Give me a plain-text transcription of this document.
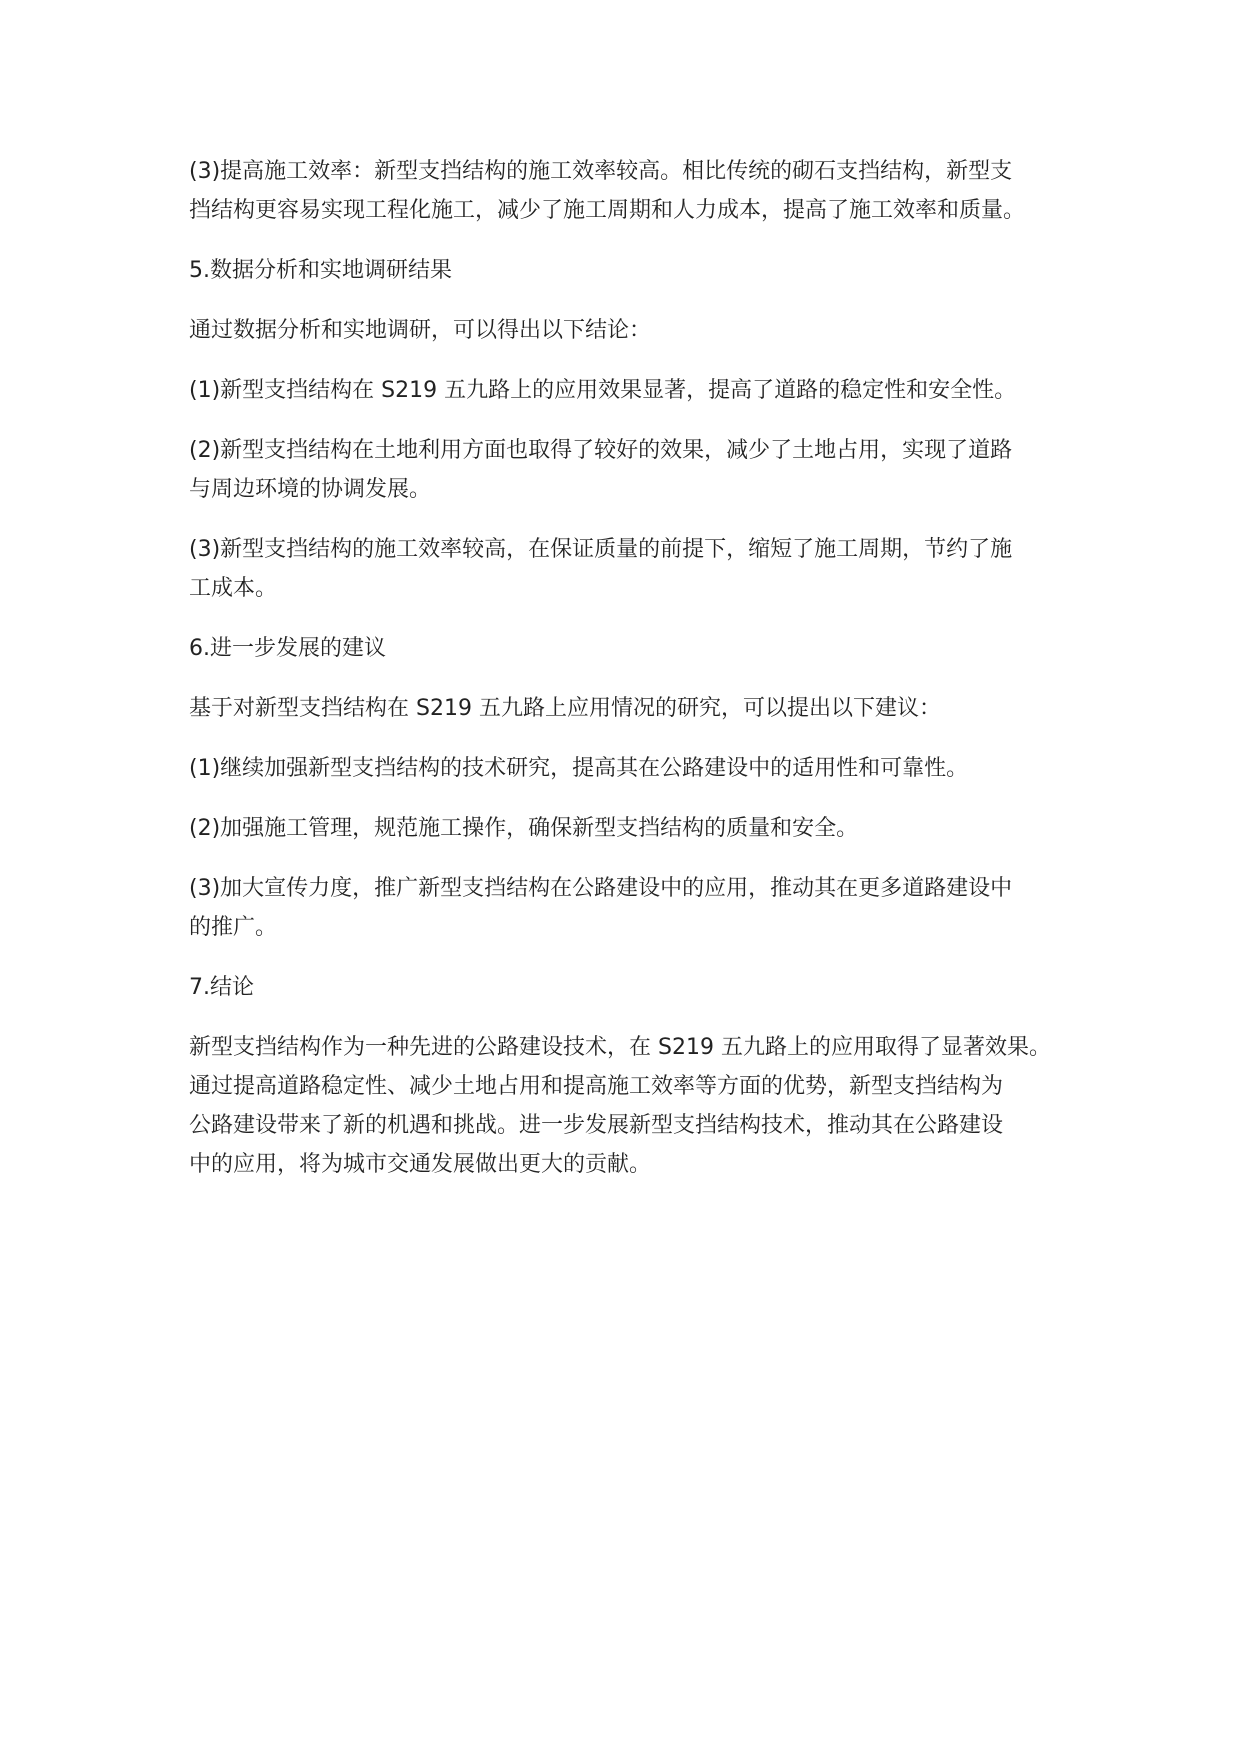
(3)提高施工效率：新型支挡结构的施工效率较高。相比传统的砌石支挡结构，新型支
挡结构更容易实现工程化施工，减少了施工周期和人力成本，提高了施工效率和质量。

5.数据分析和实地调研结果

通过数据分析和实地调研，可以得出以下结论：

(1)新型支挡结构在 S219 五九路上的应用效果显著，提高了道路的稳定性和安全性。

(2)新型支挡结构在土地利用方面也取得了较好的效果，减少了土地占用，实现了道路
与周边环境的协调发展。

(3)新型支挡结构的施工效率较高，在保证质量的前提下，缩短了施工周期，节约了施
工成本。

6.进一步发展的建议

基于对新型支挡结构在 S219 五九路上应用情况的研究，可以提出以下建议：

(1)继续加强新型支挡结构的技术研究，提高其在公路建设中的适用性和可靠性。

(2)加强施工管理，规范施工操作，确保新型支挡结构的质量和安全。

(3)加大宣传力度，推广新型支挡结构在公路建设中的应用，推动其在更多道路建设中
的推广。

7.结论

新型支挡结构作为一种先进的公路建设技术，在 S219 五九路上的应用取得了显著效果。
通过提高道路稳定性、减少土地占用和提高施工效率等方面的优势，新型支挡结构为
公路建设带来了新的机遇和挑战。进一步发展新型支挡结构技术，推动其在公路建设
中的应用，将为城市交通发展做出更大的贡献。
